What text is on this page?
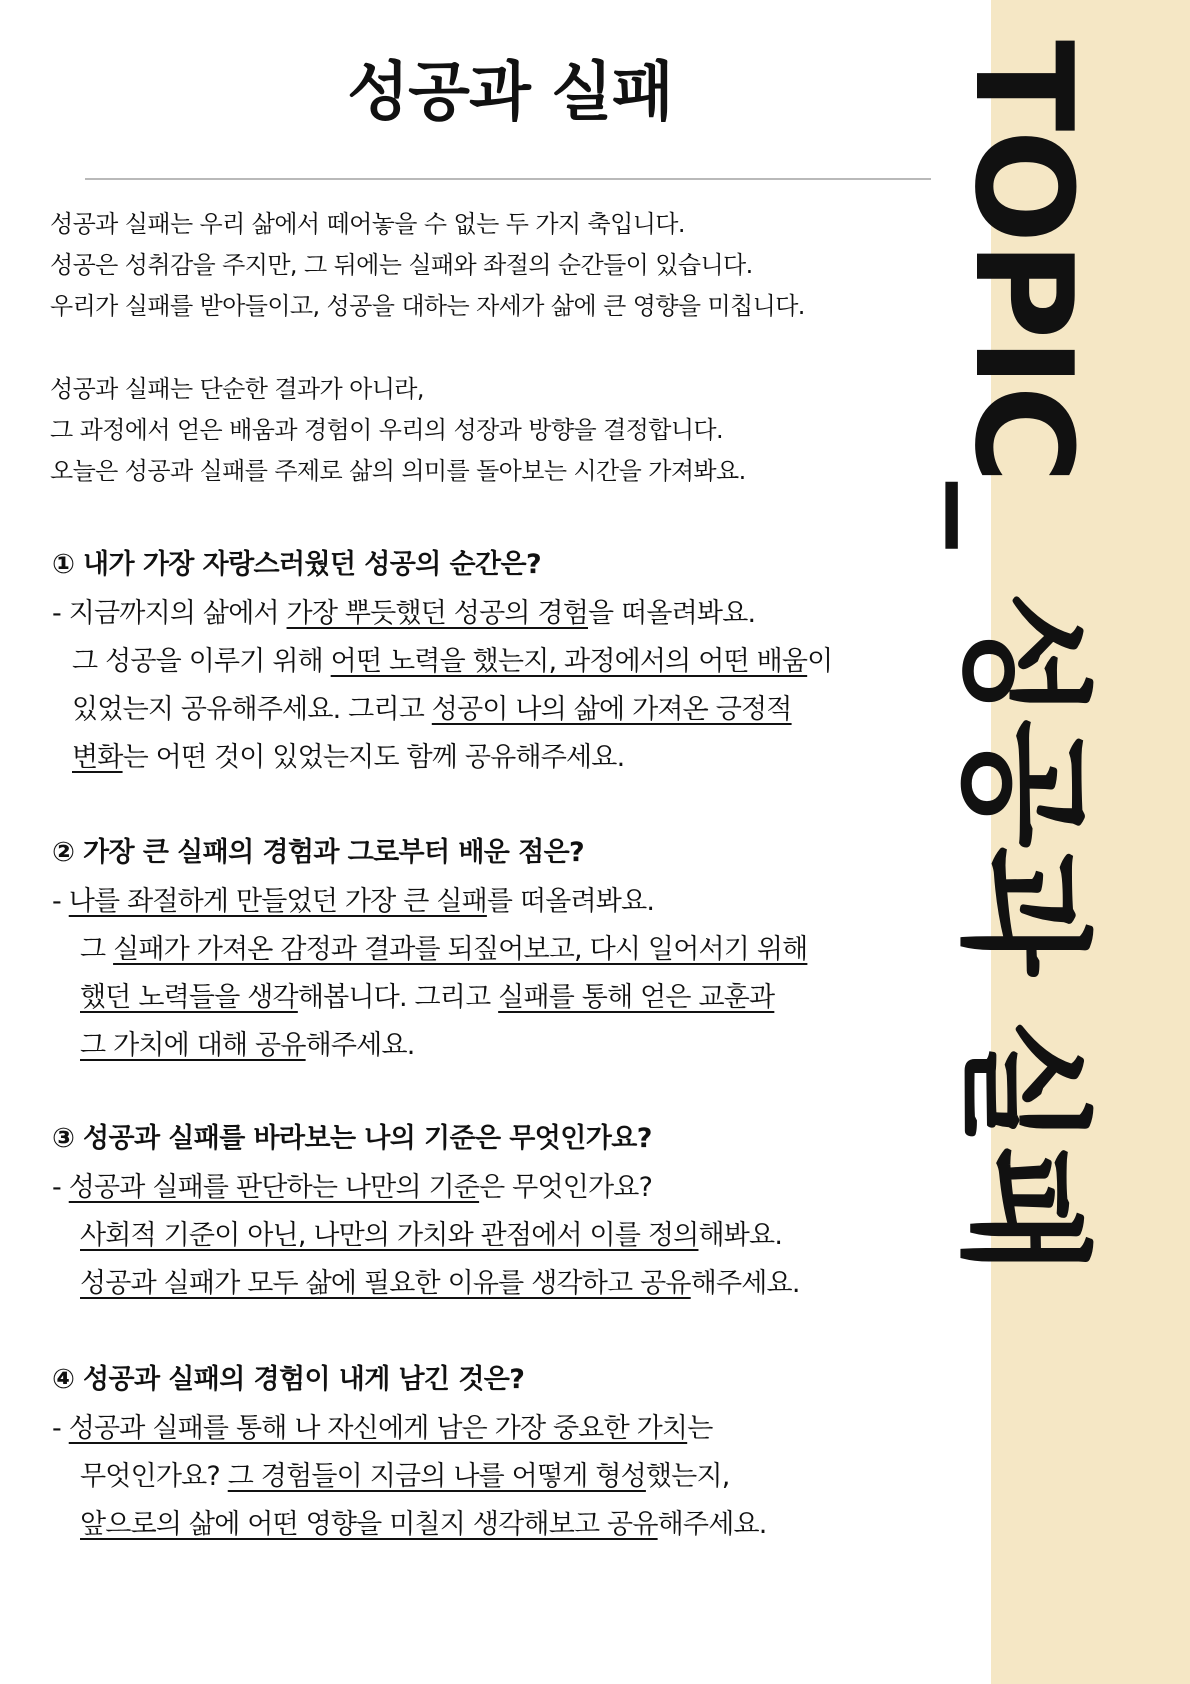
TOPIC_ 성공과 실패
성공과 실패

성공과 실패는 우리 삶에서 떼어놓을 수 없는 두 가지 축입니다.

성공은 성취감을 주지만, 그 뒤에는 실패와 좌절의 순간들이 있습니다.

우리가 실패를 받아들이고, 성공을 대하는 자세가 삶에 큰 영향을 미칩니다.

성공과 실패는 단순한 결과가 아니라,

그 과정에서 얻은 배움과 경험이 우리의 성장과 방향을 결정합니다.

오늘은 성공과 실패를 주제로 삶의 의미를 돌아보는 시간을 가져봐요.

① 내가 가장 자랑스러웠던 성공의 순간은?
- 지금까지의 삶에서 가장 뿌듯했던 성공의 경험을 떠올려봐요.
그 성공을 이루기 위해 어떤 노력을 했는지, 과정에서의 어떤 배움이
있었는지 공유해주세요. 그리고 성공이 나의 삶에 가져온 긍정적
변화는 어떤 것이 있었는지도 함께 공유해주세요.
② 가장 큰 실패의 경험과 그로부터 배운 점은?
- 나를 좌절하게 만들었던 가장 큰 실패를 떠올려봐요.
그 실패가 가져온 감정과 결과를 되짚어보고, 다시 일어서기 위해
했던 노력들을 생각해봅니다. 그리고 실패를 통해 얻은 교훈과
그 가치에 대해 공유해주세요.
③ 성공과 실패를 바라보는 나의 기준은 무엇인가요?
- 성공과 실패를 판단하는 나만의 기준은 무엇인가요?
사회적 기준이 아닌, 나만의 가치와 관점에서 이를 정의해봐요.
성공과 실패가 모두 삶에 필요한 이유를 생각하고 공유해주세요.
④ 성공과 실패의 경험이 내게 남긴 것은?
- 성공과 실패를 통해 나 자신에게 남은 가장 중요한 가치는
무엇인가요? 그 경험들이 지금의 나를 어떻게 형성했는지,
앞으로의 삶에 어떤 영향을 미칠지 생각해보고 공유해주세요.
